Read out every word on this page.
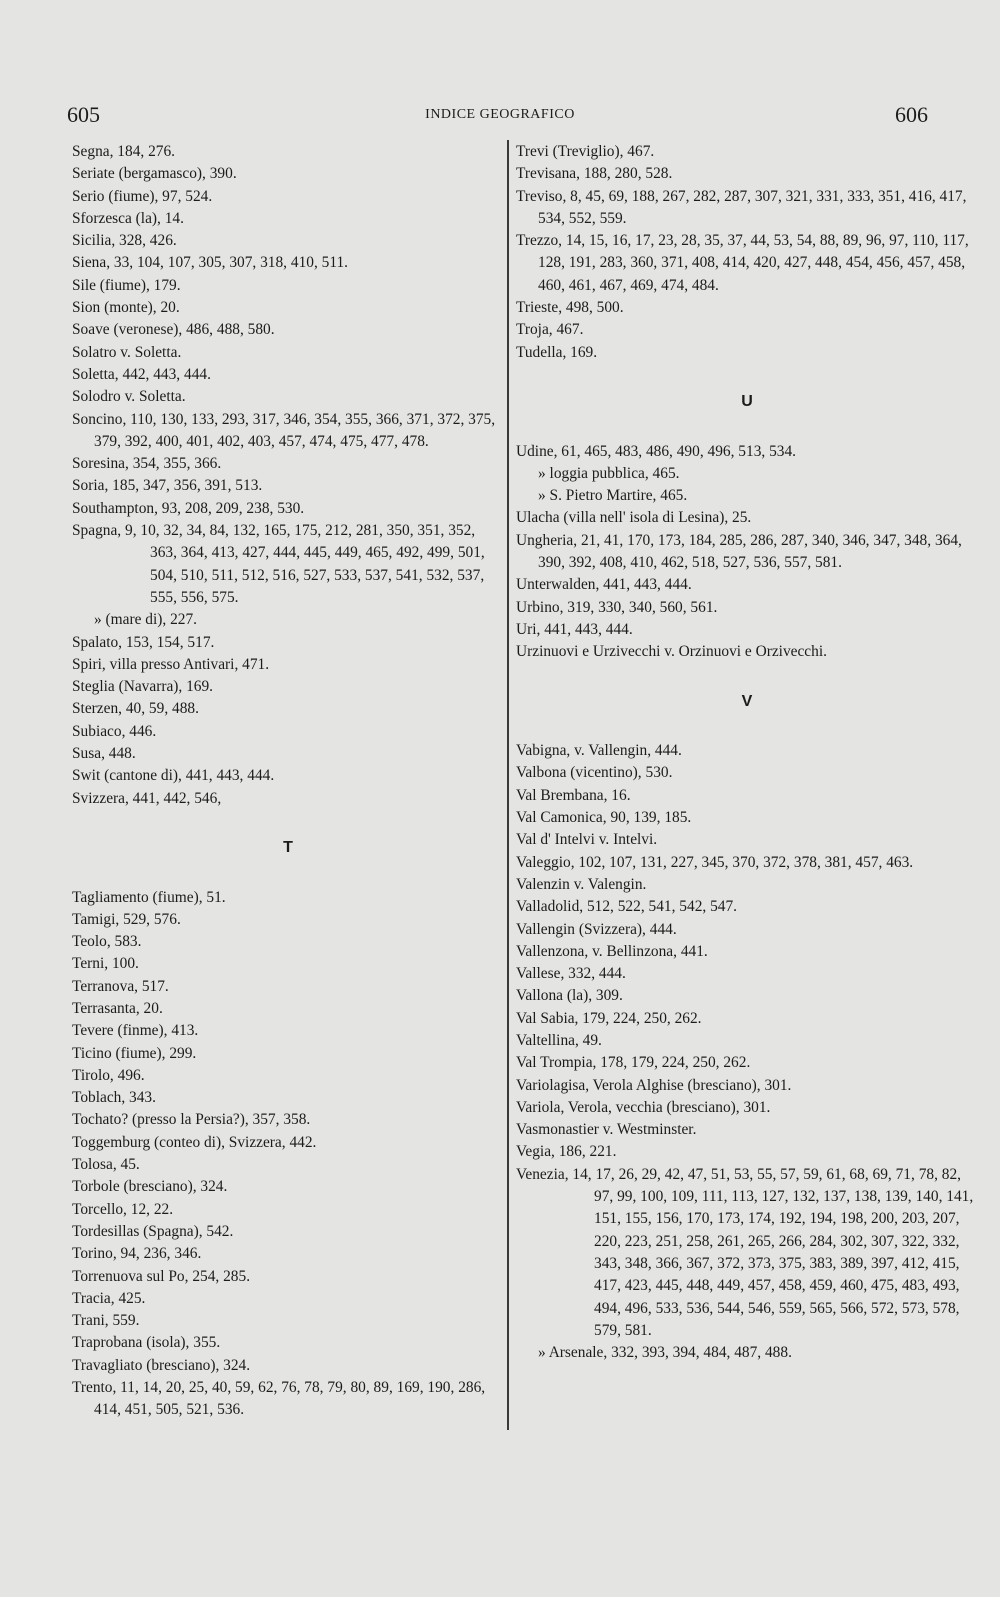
605	INDICE GEOGRAFICO	606

Segna, 184, 276.

Seriate (bergamasco), 390.

Serio (fiume), 97, 524.

Sforzesca (la), 14.

Sicilia, 328, 426.

Siena, 33, 104, 107, 305, 307, 318, 410, 511.

Sile (fiume), 179.

Sion (monte), 20.

Soave (veronese), 486, 488, 580.

Solatro v. Soletta.

Soletta, 442, 443, 444.

Solodro v. Soletta.

Soncino, 110, 130, 133, 293, 317, 346, 354, 355, 366, 371, 372, 375, 379, 392, 400, 401, 402, 403, 457, 474, 475, 477, 478.

Soresina, 354, 355, 366.

Soria, 185, 347, 356, 391, 513.

Southampton, 93, 208, 209, 238, 530.

Spagna, 9, 10, 32, 34, 84, 132, 165, 175, 212, 281, 350, 351, 352, 363, 364, 413, 427, 444, 445, 449, 465, 492, 499, 501, 504, 510, 511, 512, 516, 527, 533, 537, 541, 532, 537, 555, 556, 575.

» (mare di), 227.

Spalato, 153, 154, 517.

Spiri, villa presso Antivari, 471.

Steglia (Navarra), 169.

Sterzen, 40, 59, 488.

Subiaco, 446.

Susa, 448.

Swit (cantone di), 441, 443, 444.

Svizzera, 441, 442, 546,

T

Tagliamento (fiume), 51.

Tamigi, 529, 576.

Teolo, 583.

Terni, 100.

Terranova, 517.

Terrasanta, 20.

Tevere (finme), 413.

Ticino (fiume), 299.

Tirolo, 496.

Toblach, 343.

Tochato? (presso la Persia?), 357, 358.

Toggemburg (conteo di), Svizzera, 442.

Tolosa, 45.

Torbole (bresciano), 324.

Torcello, 12, 22.

Tordesillas (Spagna), 542.

Torino, 94, 236, 346.

Torrenuova sul Po, 254, 285.

Tracia, 425.

Trani, 559.

Traprobana (isola), 355.

Travagliato (bresciano), 324.

Trento, 11, 14, 20, 25, 40, 59, 62, 76, 78, 79, 80, 89, 169, 190, 286, 414, 451, 505, 521, 536.

Trevi (Treviglio), 467.

Trevisana, 188, 280, 528.

Treviso, 8, 45, 69, 188, 267, 282, 287, 307, 321, 331, 333, 351, 416, 417, 534, 552, 559.

Trezzo, 14, 15, 16, 17, 23, 28, 35, 37, 44, 53, 54, 88, 89, 96, 97, 110, 117, 128, 191, 283, 360, 371, 408, 414, 420, 427, 448, 454, 456, 457, 458, 460, 461, 467, 469, 474, 484.

Trieste, 498, 500.

Troja, 467.

Tudella, 169.

U

Udine, 61, 465, 483, 486, 490, 496, 513, 534.

» loggia pubblica, 465.

» S. Pietro Martire, 465.

Ulacha (villa nell' isola di Lesina), 25.

Ungheria, 21, 41, 170, 173, 184, 285, 286, 287, 340, 346, 347, 348, 364, 390, 392, 408, 410, 462, 518, 527, 536, 557, 581.

Unterwalden, 441, 443, 444.

Urbino, 319, 330, 340, 560, 561.

Uri, 441, 443, 444.

Urzinuovi e Urzivecchi v. Orzinuovi e Orzivecchi.

V

Vabigna, v. Vallengin, 444.

Valbona (vicentino), 530.

Val Brembana, 16.

Val Camonica, 90, 139, 185.

Val d' Intelvi v. Intelvi.

Valeggio, 102, 107, 131, 227, 345, 370, 372, 378, 381, 457, 463.

Valenzin v. Valengin.

Valladolid, 512, 522, 541, 542, 547.

Vallengin (Svizzera), 444.

Vallenzona, v. Bellinzona, 441.

Vallese, 332, 444.

Vallona (la), 309.

Val Sabia, 179, 224, 250, 262.

Valtellina, 49.

Val Trompia, 178, 179, 224, 250, 262.

Variolagisa, Verola Alghise (bresciano), 301.

Variola, Verola, vecchia (bresciano), 301.

Vasmonastier v. Westminster.

Vegia, 186, 221.

Venezia, 14, 17, 26, 29, 42, 47, 51, 53, 55, 57, 59, 61, 68, 69, 71, 78, 82, 97, 99, 100, 109, 111, 113, 127, 132, 137, 138, 139, 140, 141, 151, 155, 156, 170, 173, 174, 192, 194, 198, 200, 203, 207, 220, 223, 251, 258, 261, 265, 266, 284, 302, 307, 322, 332, 343, 348, 366, 367, 372, 373, 375, 383, 389, 397, 412, 415, 417, 423, 445, 448, 449, 457, 458, 459, 460, 475, 483, 493, 494, 496, 533, 536, 544, 546, 559, 565, 566, 572, 573, 578, 579, 581.

» Arsenale, 332, 393, 394, 484, 487, 488.
